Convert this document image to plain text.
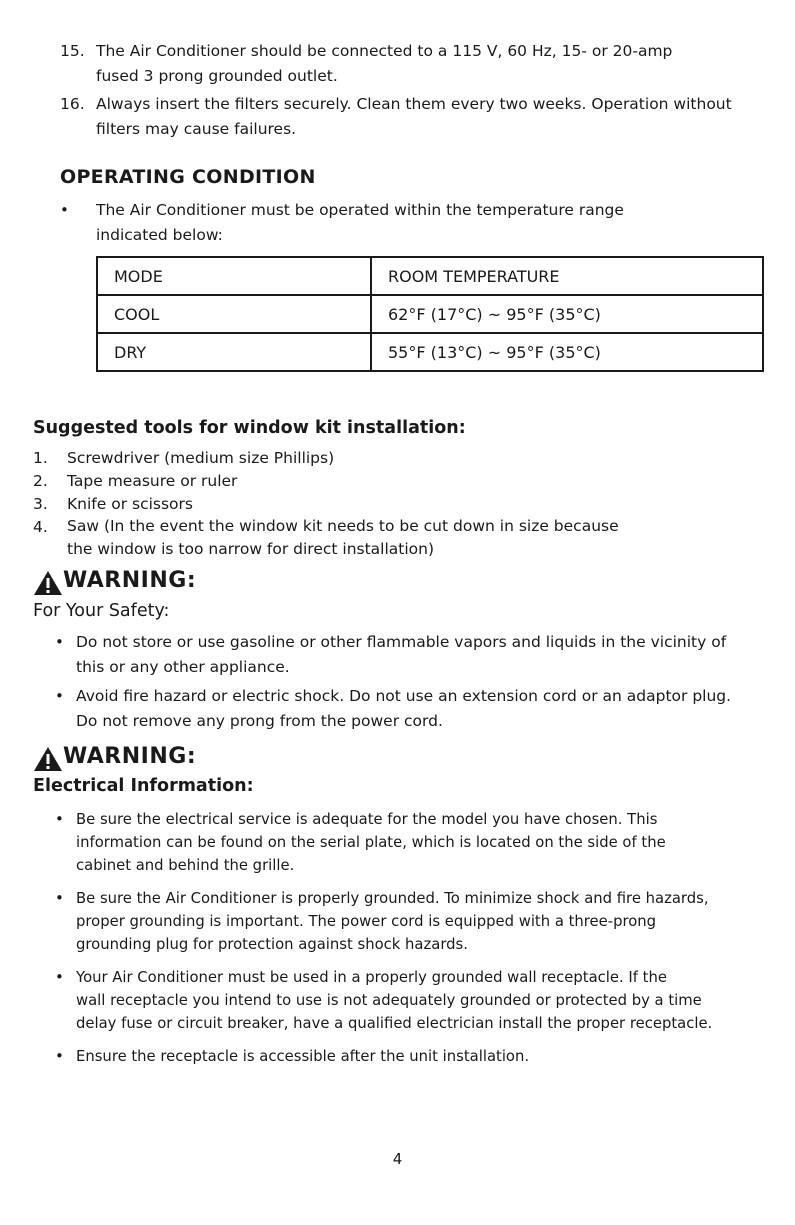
15. The Air Conditioner should be connected to a 115 V, 60 Hz, 15- or 20-amp
fused 3 prong grounded outlet.
16. Always insert the filters securely. Clean them every two weeks. Operation without
filters may cause failures.
OPERATING CONDITION
• The Air Conditioner must be operated within the temperature range
indicated below:
MODE	ROOM TEMPERATURE
COOL	62°F (17°C) ~ 95°F (35°C)
DRY	55°F (13°C) ~ 95°F (35°C)
Suggested tools for window kit installation:
1. Screwdriver (medium size Phillips)
2. Tape measure or ruler
3. Knife or scissors
4. Saw (In the event the window kit needs to be cut down in size because
the window is too narrow for direct installation)
WARNING:
For Your Safety:
• Do not store or use gasoline or other flammable vapors and liquids in the vicinity of
this or any other appliance.
• Avoid fire hazard or electric shock. Do not use an extension cord or an adaptor plug.
Do not remove any prong from the power cord.
WARNING:
Electrical Information:
• Be sure the electrical service is adequate for the model you have chosen. This
information can be found on the serial plate, which is located on the side of the
cabinet and behind the grille.
• Be sure the Air Conditioner is properly grounded. To minimize shock and fire hazards,
proper grounding is important. The power cord is equipped with a three-prong
grounding plug for protection against shock hazards.
• Your Air Conditioner must be used in a properly grounded wall receptacle. If the
wall receptacle you intend to use is not adequately grounded or protected by a time
delay fuse or circuit breaker, have a qualified electrician install the proper receptacle.
• Ensure the receptacle is accessible after the unit installation.
4
